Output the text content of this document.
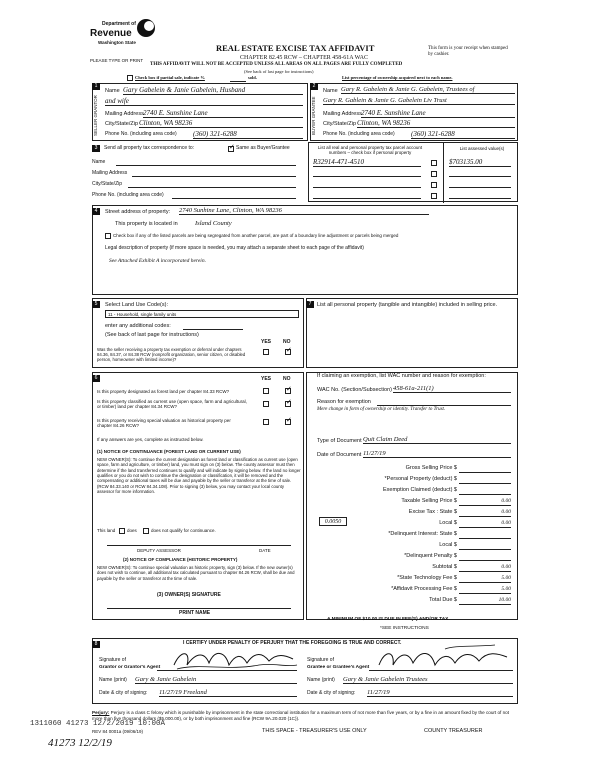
Department of
Revenue
Washington State
PLEASE TYPE OR PRINT
REAL ESTATE EXCISE TAX AFFIDAVIT
CHAPTER 82.45 RCW – CHAPTER 458-61A WAC
THIS AFFIDAVIT WILL NOT BE ACCEPTED UNLESS ALL AREAS ON ALL PAGES ARE FULLY COMPLETED
(See back of last page for instructions)
This form is your receipt when stamped by cashier.
Check box if partial sale, indicate %	sold.	List percentage of ownership acquired next to each name.
1
SELLER GRANTOR
Name Gary Gabelein & Janie Gabelein, Husband
and wife
Mailing Address 2740 E. Sunshine Lane
City/State/Zip Clinton, WA 98236
Phone No. (including area code) (360) 321-6288
2
BUYER GRANTEE
Name Gary R. Gabelein & Janie G. Gabelein, Trustees of
Gary R. Gablein & Janie G. Gabelein Liv Trust
Mailing Address 2740 E. Sunshine Lane
City/State/Zip Clinton, WA 98236
Phone No. (including area code) (360) 321-6288
3	Send all property tax correspondence to:
✓	Same as Buyer/Grantee
Name
Mailing Address
City/State/Zip
Phone No. (including area code)
List all real and personal property tax parcel account numbers – check box if personal property
List assessed value(s)
R32914-471-4510	$703135.00
4	Street address of property: 2740 Sunhine Lane, Clinton, WA 98236
This property is located in	Island County
Check box if any of the listed parcels are being segregated from another parcel, are part of a boundary line adjustment or parcels being merged
Legal description of property (if more space is needed, you may attach a separate sheet to each page of the affidavit)
See Attached Exhibit A incorporated herein.
5	Select Land Use Code(s):
11 - Household, single family units
enter any additional codes:
(See back of last page for instructions)
YES NO
Was the seller receiving a property tax exemption or deferral under chapters 84.36, 84.37, or 84.38 RCW (nonprofit organization, senior citizen, or disabled person, homeowner with limited income)?
✓
6	YES NO
Is this property designated as forest land per chapter 84.33 RCW?
✓
Is this property classified as current use (open space, farm and agricultural, or timber) land per chapter 84.34 RCW?
✓
Is this property receiving special valuation as historical property per chapter 84.26 RCW?
✓
If any answers are yes, complete as instructed below.
(1) NOTICE OF CONTINUANCE (FOREST LAND OR CURRENT USE)
NEW OWNER(S): To continue the current designation as forest land or classification as current use (open space, farm and agriculture, or timber) land, you must sign on (3) below. The county assessor must then determine if the land transferred continues to qualify and will indicate by signing below. If the land no longer qualifies or you do not wish to continue the designation or classification, it will be removed and the compensating or additional taxes will be due and payable by the seller or transferor at the time of sale. (RCW 84.33.140 or RCW 84.34.108). Prior to signing (3) below, you may contact your local county assessor for more information.
This land	does	does not qualify for continuance.
DEPUTY ASSESSOR	DATE
(2) NOTICE OF COMPLIANCE (HISTORIC PROPERTY)
NEW OWNER(S): To continue special valuation as historic property, sign (3) below. If the new owner(s) does not wish to continue, all additional tax calculated pursuant to chapter 84.26 RCW, shall be due and payable by the seller or transferor at the time of sale.
(3) OWNER(S) SIGNATURE
PRINT NAME
7	List all personal property (tangible and intangible) included in selling price.
If claiming an exemption, list WAC number and reason for exemption:
WAC No. (Section/Subsection) 458-61a-211(1)
Reason for exemption
Mere change in form of ownership or identity. Transfer to Trust.
Type of Document Quit Claim Deed
Date of Document 11/27/19
0.0050
Gross Selling Price $
*Personal Property (deduct) $
Exemption Claimed (deduct) $
Taxable Selling Price $	0.00
Excise Tax : State $	0.00
Local $	0.00
*Delinquent Interest: State $
Local $
*Delinquent Penalty $
Subtotal $	0.00
*State Technology Fee $	5.00
*Affidavit Processing Fee $	5.00
Total Due $	10.00
A MINIMUM OF $10.00 IS DUE IN FEE(S) AND/OR TAX
*SEE INSTRUCTIONS
8	I CERTIFY UNDER PENALTY OF PERJURY THAT THE FOREGOING IS TRUE AND CORRECT.
Signature of
Grantor or Grantor's Agent
Name (print) Gary & Janie Gabelein
Date & city of signing: 11/27/19 Freeland
Signature of
Grantee or Grantee's Agent
Name (print) Gary & Janie Gabelein Trustees
Date & city of signing: 11/27/19
Perjury: Perjury is a class C felony which is punishable by imprisonment in the state correctional institution for a maximum term of not more than five years, or by a fine in an amount fixed by the court of not more than five thousand dollars ($5,000.00), or by both imprisonment and fine (RCW 9A.20.020 (1C)).
REV 84 0001a (09/06/19)	THIS SPACE - TREASURER'S USE ONLY	COUNTY TREASURER
1311060 41273 12/2/2019 10:00A
41273 12/2/19
